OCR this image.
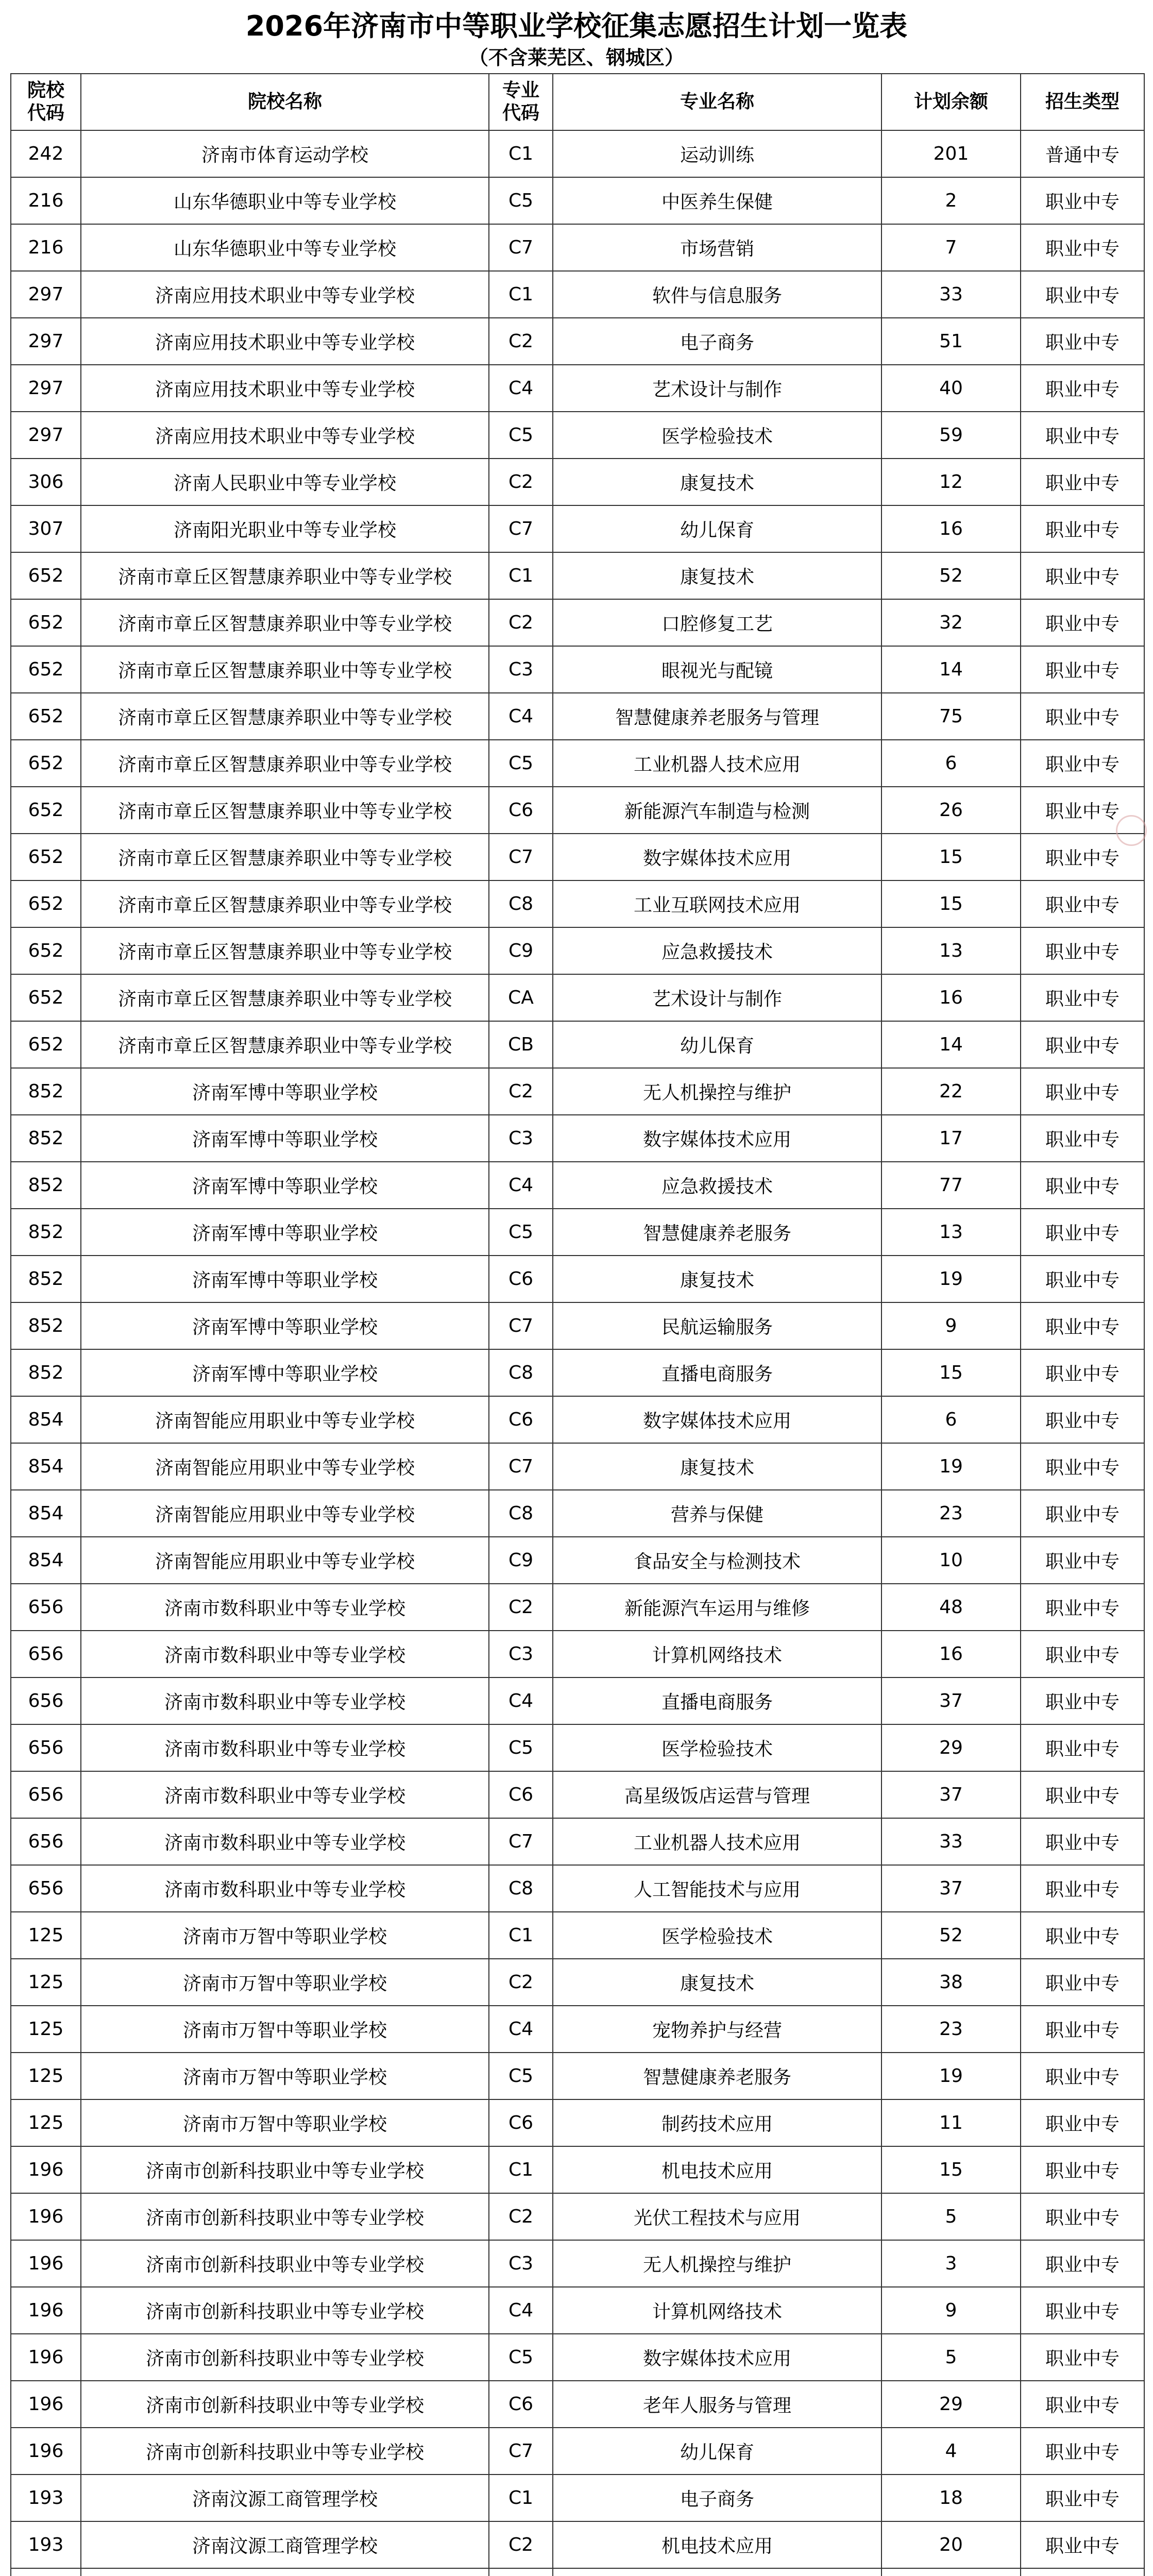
2026年济南市中等职业学校征集志愿招生计划一览表
（不含莱芜区、钢城区）
院校代码	院校名称	专业代码	专业名称	计划余额	招生类型
242	济南市体育运动学校	C1	运动训练	201	普通中专
216	山东华德职业中等专业学校	C5	中医养生保健	2	职业中专
216	山东华德职业中等专业学校	C7	市场营销	7	职业中专
297	济南应用技术职业中等专业学校	C1	软件与信息服务	33	职业中专
297	济南应用技术职业中等专业学校	C2	电子商务	51	职业中专
297	济南应用技术职业中等专业学校	C4	艺术设计与制作	40	职业中专
297	济南应用技术职业中等专业学校	C5	医学检验技术	59	职业中专
306	济南人民职业中等专业学校	C2	康复技术	12	职业中专
307	济南阳光职业中等专业学校	C7	幼儿保育	16	职业中专
652	济南市章丘区智慧康养职业中等专业学校	C1	康复技术	52	职业中专
652	济南市章丘区智慧康养职业中等专业学校	C2	口腔修复工艺	32	职业中专
652	济南市章丘区智慧康养职业中等专业学校	C3	眼视光与配镜	14	职业中专
652	济南市章丘区智慧康养职业中等专业学校	C4	智慧健康养老服务与管理	75	职业中专
652	济南市章丘区智慧康养职业中等专业学校	C5	工业机器人技术应用	6	职业中专
652	济南市章丘区智慧康养职业中等专业学校	C6	新能源汽车制造与检测	26	职业中专
652	济南市章丘区智慧康养职业中等专业学校	C7	数字媒体技术应用	15	职业中专
652	济南市章丘区智慧康养职业中等专业学校	C8	工业互联网技术应用	15	职业中专
652	济南市章丘区智慧康养职业中等专业学校	C9	应急救援技术	13	职业中专
652	济南市章丘区智慧康养职业中等专业学校	CA	艺术设计与制作	16	职业中专
652	济南市章丘区智慧康养职业中等专业学校	CB	幼儿保育	14	职业中专
852	济南军博中等职业学校	C2	无人机操控与维护	22	职业中专
852	济南军博中等职业学校	C3	数字媒体技术应用	17	职业中专
852	济南军博中等职业学校	C4	应急救援技术	77	职业中专
852	济南军博中等职业学校	C5	智慧健康养老服务	13	职业中专
852	济南军博中等职业学校	C6	康复技术	19	职业中专
852	济南军博中等职业学校	C7	民航运输服务	9	职业中专
852	济南军博中等职业学校	C8	直播电商服务	15	职业中专
854	济南智能应用职业中等专业学校	C6	数字媒体技术应用	6	职业中专
854	济南智能应用职业中等专业学校	C7	康复技术	19	职业中专
854	济南智能应用职业中等专业学校	C8	营养与保健	23	职业中专
854	济南智能应用职业中等专业学校	C9	食品安全与检测技术	10	职业中专
656	济南市数科职业中等专业学校	C2	新能源汽车运用与维修	48	职业中专
656	济南市数科职业中等专业学校	C3	计算机网络技术	16	职业中专
656	济南市数科职业中等专业学校	C4	直播电商服务	37	职业中专
656	济南市数科职业中等专业学校	C5	医学检验技术	29	职业中专
656	济南市数科职业中等专业学校	C6	高星级饭店运营与管理	37	职业中专
656	济南市数科职业中等专业学校	C7	工业机器人技术应用	33	职业中专
656	济南市数科职业中等专业学校	C8	人工智能技术与应用	37	职业中专
125	济南市万智中等职业学校	C1	医学检验技术	52	职业中专
125	济南市万智中等职业学校	C2	康复技术	38	职业中专
125	济南市万智中等职业学校	C4	宠物养护与经营	23	职业中专
125	济南市万智中等职业学校	C5	智慧健康养老服务	19	职业中专
125	济南市万智中等职业学校	C6	制药技术应用	11	职业中专
196	济南市创新科技职业中等专业学校	C1	机电技术应用	15	职业中专
196	济南市创新科技职业中等专业学校	C2	光伏工程技术与应用	5	职业中专
196	济南市创新科技职业中等专业学校	C3	无人机操控与维护	3	职业中专
196	济南市创新科技职业中等专业学校	C4	计算机网络技术	9	职业中专
196	济南市创新科技职业中等专业学校	C5	数字媒体技术应用	5	职业中专
196	济南市创新科技职业中等专业学校	C6	老年人服务与管理	29	职业中专
196	济南市创新科技职业中等专业学校	C7	幼儿保育	4	职业中专
193	济南汶源工商管理学校	C1	电子商务	18	职业中专
193	济南汶源工商管理学校	C2	机电技术应用	20	职业中专
